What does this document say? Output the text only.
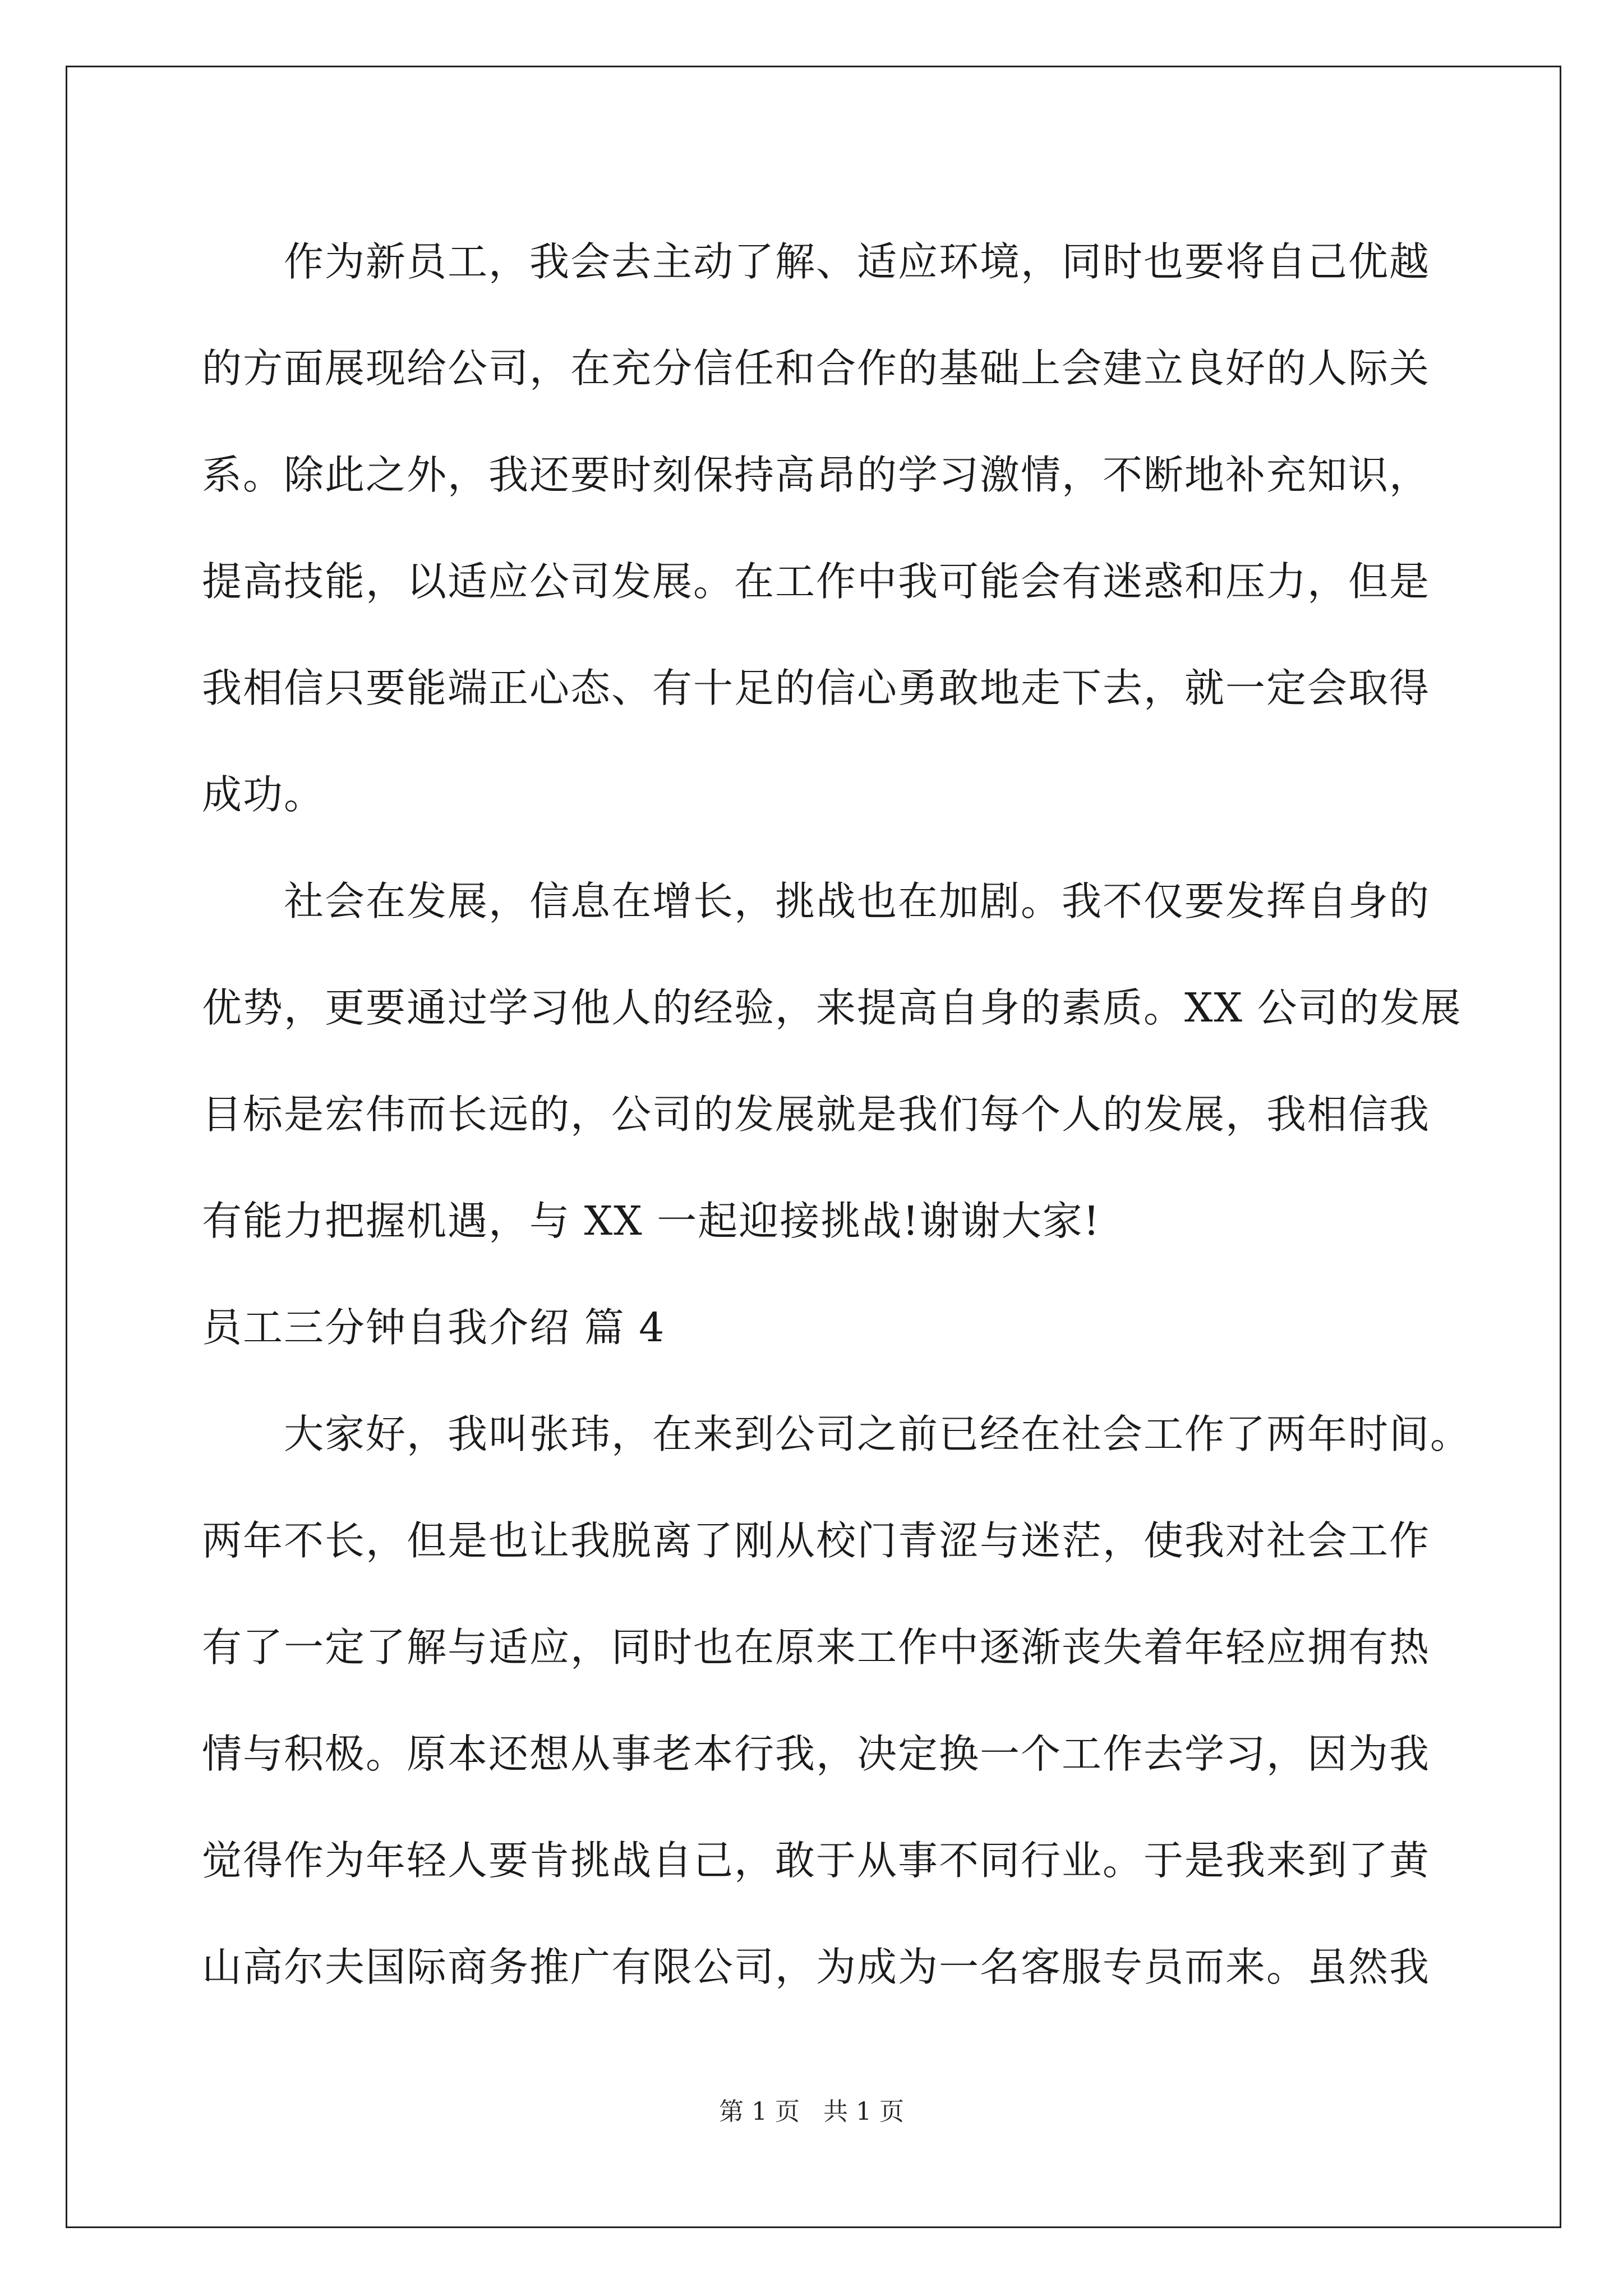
作为新员工，我会去主动了解、适应环境，同时也要将自己优越
的方面展现给公司，在充分信任和合作的基础上会建立良好的人际关
系。除此之外，我还要时刻保持高昂的学习激情，不断地补充知识，
提高技能，以适应公司发展。在工作中我可能会有迷惑和压力，但是
我相信只要能端正心态、有十足的信心勇敢地走下去，就一定会取得
成功。
社会在发展，信息在增长，挑战也在加剧。我不仅要发挥自身的
优势，更要通过学习他人的经验，来提高自身的素质。XX 公司的发展
目标是宏伟而长远的，公司的发展就是我们每个人的发展，我相信我
有能力把握机遇，与 XX 一起迎接挑战!谢谢大家!
员工三分钟自我介绍 篇 4
大家好，我叫张玮，在来到公司之前已经在社会工作了两年时间。
两年不长，但是也让我脱离了刚从校门青涩与迷茫，使我对社会工作
有了一定了解与适应，同时也在原来工作中逐渐丧失着年轻应拥有热
情与积极。原本还想从事老本行我，决定换一个工作去学习，因为我
觉得作为年轻人要肯挑战自己，敢于从事不同行业。于是我来到了黄
山高尔夫国际商务推广有限公司，为成为一名客服专员而来。虽然我
第 1 页   共 1 页
